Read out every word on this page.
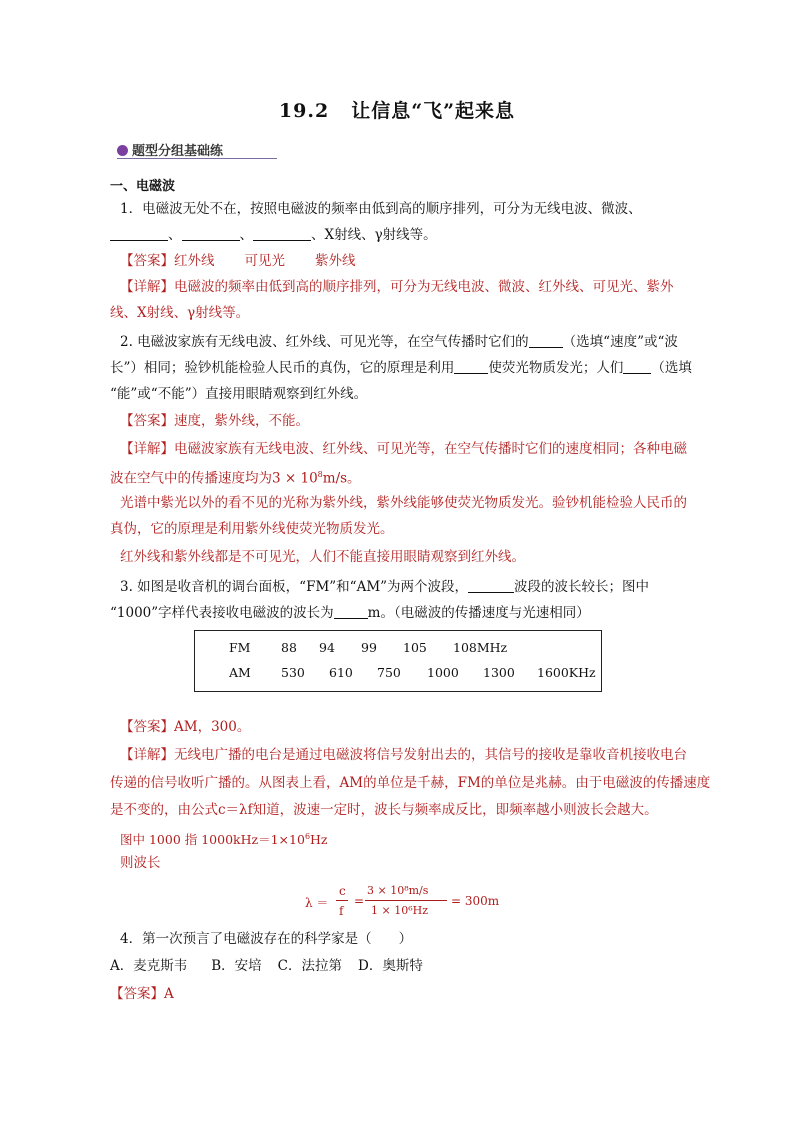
19.2 让信息“飞”起来息
题型分组基础练
一、电磁波
1．电磁波无处不在，按照电磁波的频率由低到高的顺序排列，可分为无线电波、微波、
、	、	、X射线、γ射线等。
【答案】红外线 可见光 紫外线
【详解】电磁波的频率由低到高的顺序排列，可分为无线电波、微波、红外线、可见光、紫外
线、X射线、γ射线等。
2. 电磁波家族有无线电波、红外线、可见光等，在空气传播时它们的	（选填“速度”或“波
长”）相同；验钞机能检验人民币的真伪，它的原理是利用	使荧光物质发光；人们 （选填
“能”或“不能”）直接用眼睛观察到红外线。
【答案】速度，紫外线，不能。
【详解】电磁波家族有无线电波、红外线、可见光等，在空气传播时它们的速度相同；各种电磁
波在空气中的传播速度均为$3 \times 10^8m/s$。
光谱中紫光以外的看不见的光称为紫外线，紫外线能够使荧光物质发光。验钞机能检验人民币的
真伪，它的原理是利用紫外线使荧光物质发光。
红外线和紫外线都是不可见光，人们不能直接用眼睛观察到红外线。
3. 如图是收音机的调台面板，“FM”和“AM”为两个波段，	波段的波长较长；图中
“1000”字样代表接收电磁波的波长为	m。（电磁波的传播速度与光速相同）
FM 88 94 99 105 108MHz
AM 530 610 750 1000 1300 1600KHz
【答案】AM，300。
【详解】无线电广播的电台是通过电磁波将信号发射出去的，其信号的接收是靠收音机接收电台
传递的信号收听广播的。从图表上看，AM的单位是千赫，FM的单位是兆赫。由于电磁波的传播速度
是不变的，由公式c＝λf知道，波速一定时，波长与频率成反比，即频率越小则波长会越大。
图中 1000 指 $1000kHz=1\times 10^6Hz$
则波长
λ ＝
c
f
=
3 × 10⁸m/s
1 × 10⁶Hz
= 300m
4．第一次预言了电磁波存在的科学家是（　　）
A．麦克斯韦 B．安培 C．法拉第 D．奥斯特
【答案】A
